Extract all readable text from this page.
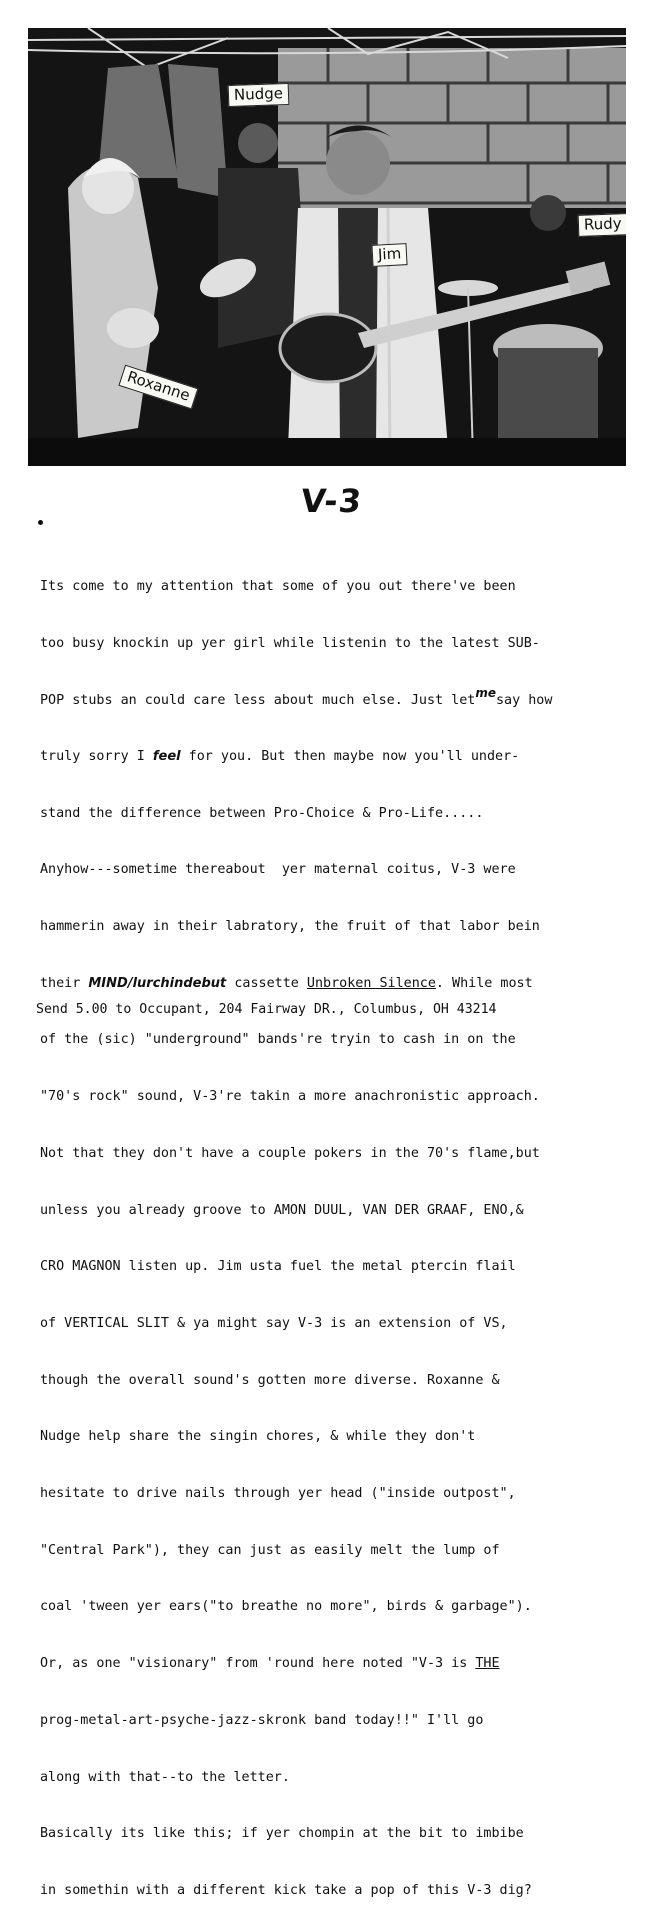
Nudge
Jim
Rudy
Roxanne
V-3

Its come to my attention that some of you out there've been

too busy knockin up yer girl while listenin to the latest SUB-

POP stubs an could care less about much else. Just letmesay how

truly sorry I feel for you. But then maybe now you'll under-

stand the difference between Pro-Choice & Pro-Life.....

Anyhow---sometime thereabout  yer maternal coitus, V-3 were

hammerin away in their labratory, the fruit of that labor bein

their MIND/lurchindebut cassette Unbroken Silence. While most

of the (sic) "underground" bands're tryin to cash in on the

"70's rock" sound, V-3're takin a more anachronistic approach.

Not that they don't have a couple pokers in the 70's flame,but

unless you already groove to AMON DUUL, VAN DER GRAAF, ENO,&

CRO MAGNON listen up. Jim usta fuel the metal ptercin flail

of VERTICAL SLIT & ya might say V-3 is an extension of VS,

though the overall sound's gotten more diverse. Roxanne &

Nudge help share the singin chores, & while they don't

hesitate to drive nails through yer head ("inside outpost",

"Central Park"), they can just as easily melt the lump of

coal 'tween yer ears("to breathe no more", birds & garbage").

Or, as one "visionary" from 'round here noted "V-3 is THE

prog-metal-art-psyche-jazz-skronk band today!!" I'll go

along with that--to the letter.

Basically its like this; if yer chompin at the bit to imbibe

in somethin with a different kick take a pop of this V-3 dig?

Send 5.00 to Occupant, 204 Fairway DR., Columbus, OH 43214
